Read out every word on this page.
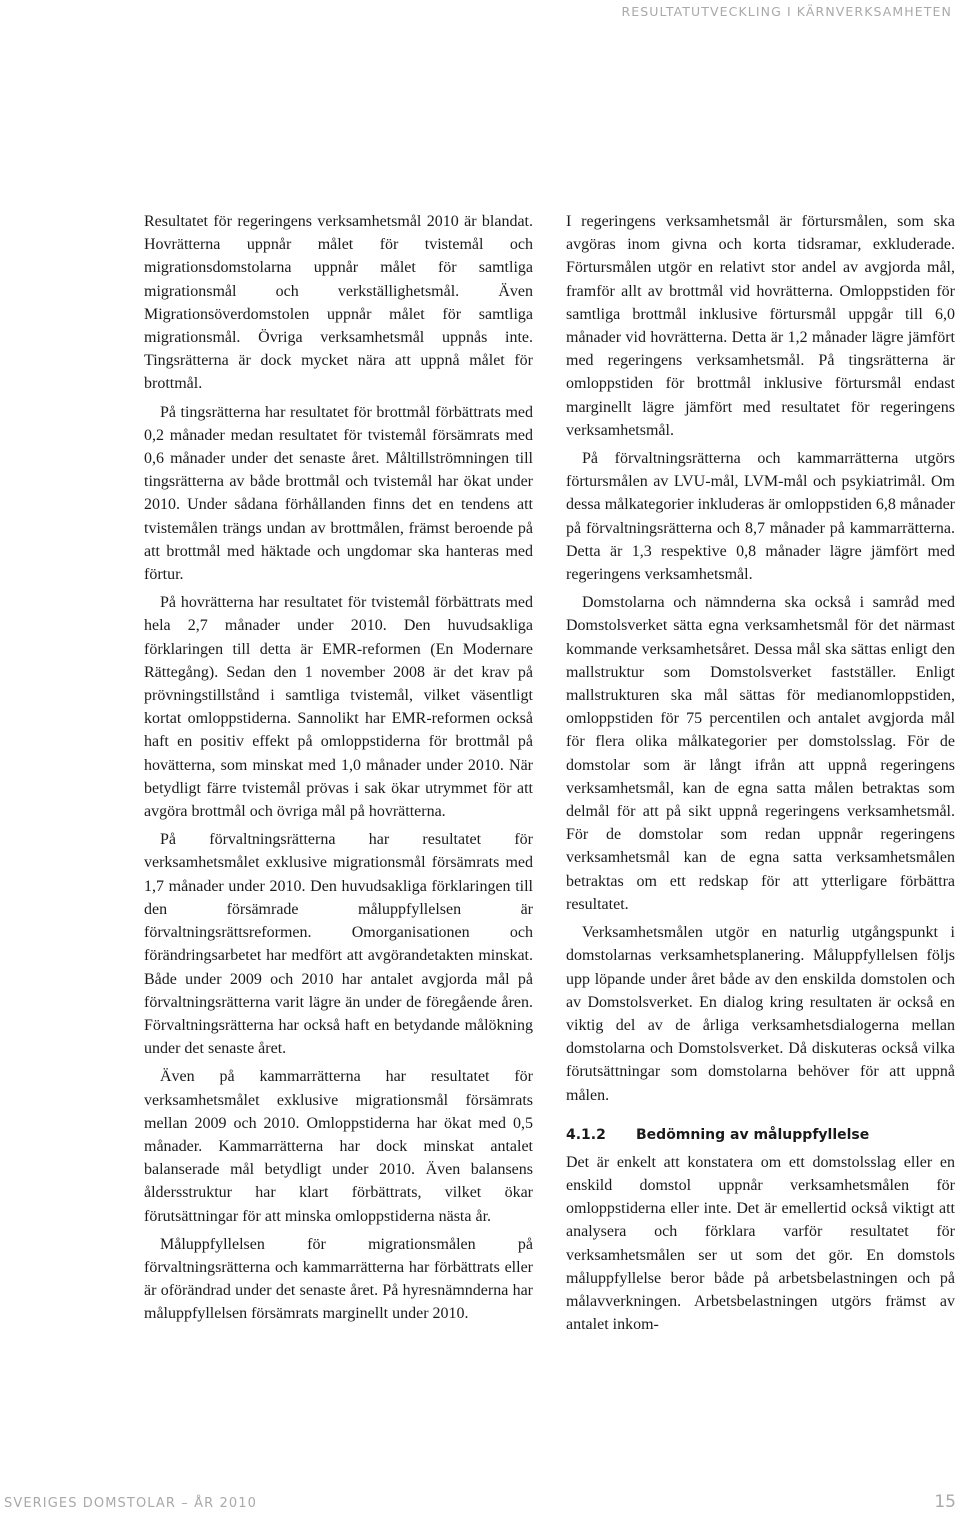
RESULTATUTVECKLING I KÄRNVERKSAMHETEN

Resultatet för regeringens verksamhetsmål 2010 är blandat. Hovrätterna uppnår målet för tvistemål och migrationsdomstolarna uppnår målet för samtliga migrationsmål och verkställighetsmål. Även Migrationsöverdomstolen uppnår målet för samtliga migrationsmål. Övriga verksamhetsmål uppnås inte. Tingsrätterna är dock mycket nära att uppnå målet för brottmål.

På tingsrätterna har resultatet för brottmål förbättrats med 0,2 månader medan resultatet för tvistemål försämrats med 0,6 månader under det senaste året. Måltillströmningen till tingsrätterna av både brottmål och tvistemål har ökat under 2010. Under sådana förhållanden finns det en tendens att tvistemålen trängs undan av brottmålen, främst beroende på att brottmål med häktade och ungdomar ska hanteras med förtur.

På hovrätterna har resultatet för tvistemål förbättrats med hela 2,7 månader under 2010. Den huvudsakliga förklaringen till detta är EMR-reformen (En Modernare Rättegång). Sedan den 1 november 2008 är det krav på prövningstillstånd i samtliga tvistemål, vilket väsentligt kortat omloppstiderna. Sannolikt har EMR-reformen också haft en positiv effekt på omloppstiderna för brottmål på hovätterna, som minskat med 1,0 månader under 2010. När betydligt färre tvistemål prövas i sak ökar utrymmet för att avgöra brottmål och övriga mål på hovrätterna.

På förvaltningsrätterna har resultatet för verksamhetsmålet exklusive migrationsmål försämrats med 1,7 månader under 2010. Den huvudsakliga förklaringen till den försämrade måluppfyllelsen är förvaltningsrättsreformen. Omorganisationen och förändringsarbetet har medfört att avgörandetakten minskat. Både under 2009 och 2010 har antalet avgjorda mål på förvaltningsrätterna varit lägre än under de föregående åren. Förvaltningsrätterna har också haft en betydande målökning under det senaste året.

Även på kammarrätterna har resultatet för verksamhetsmålet exklusive migrationsmål försämrats mellan 2009 och 2010. Omloppstiderna har ökat med 0,5 månader. Kammarrätterna har dock minskat antalet balanserade mål betydligt under 2010. Även balansens åldersstruktur har klart förbättrats, vilket ökar förutsättningar för att minska omloppstiderna nästa år.

Måluppfyllelsen för migrationsmålen på förvaltningsrätterna och kammarrätterna har förbättrats eller är oförändrad under det senaste året. På hyresnämnderna har måluppfyllelsen försämrats marginellt under 2010.

I regeringens verksamhetsmål är förtursmålen, som ska avgöras inom givna och korta tidsramar, exkluderade. Förtursmålen utgör en relativt stor andel av avgjorda mål, framför allt av brottmål vid hovrätterna. Omloppstiden för samtliga brottmål inklusive förtursmål uppgår till 6,0 månader vid hovrätterna. Detta är 1,2 månader lägre jämfört med regeringens verksamhetsmål. På tingsrätterna är omloppstiden för brottmål inklusive förtursmål endast marginellt lägre jämfört med resultatet för regeringens verksamhetsmål.

På förvaltningsrätterna och kammarrätterna utgörs förtursmålen av LVU-mål, LVM-mål och psykiatrimål. Om dessa målkategorier inkluderas är omloppstiden 6,8 månader på förvaltningsrätterna och 8,7 månader på kammarrätterna. Detta är 1,3 respektive 0,8 månader lägre jämfört med regeringens verksamhetsmål.

Domstolarna och nämnderna ska också i samråd med Domstolsverket sätta egna verksamhetsmål för det närmast kommande verksamhetsåret. Dessa mål ska sättas enligt den mallstruktur som Domstolsverket fastställer. Enligt mallstrukturen ska mål sättas för medianomloppstiden, omloppstiden för 75 percentilen och antalet avgjorda mål för flera olika målkategorier per domstolsslag. För de domstolar som är långt ifrån att uppnå regeringens verksamhetsmål, kan de egna satta målen betraktas som delmål för att på sikt uppnå regeringens verksamhetsmål. För de domstolar som redan uppnår regeringens verksamhetsmål kan de egna satta verksamhetsmålen betraktas om ett redskap för att ytterligare förbättra resultatet.

Verksamhetsmålen utgör en naturlig utgångspunkt i domstolarnas verksamhetsplanering. Måluppfyllelsen följs upp löpande under året både av den enskilda domstolen och av Domstolsverket. En dialog kring resultaten är också en viktig del av de årliga verksamhetsdialogerna mellan domstolarna och Domstolsverket. Då diskuteras också vilka förutsättningar som domstolarna behöver för att uppnå målen.

4.1.2 Bedömning av måluppfyllelse

Det är enkelt att konstatera om ett domstolsslag eller en enskild domstol uppnår verksamhetsmålen för omloppstiderna eller inte. Det är emellertid också viktigt att analysera och förklara varför resultatet för verksamhetsmålen ser ut som det gör. En domstols måluppfyllelse beror både på arbetsbelastningen och på målavverkningen. Arbetsbelastningen utgörs främst av antalet inkom-

SVERIGES DOMSTOLAR – ÅR 2010	15
